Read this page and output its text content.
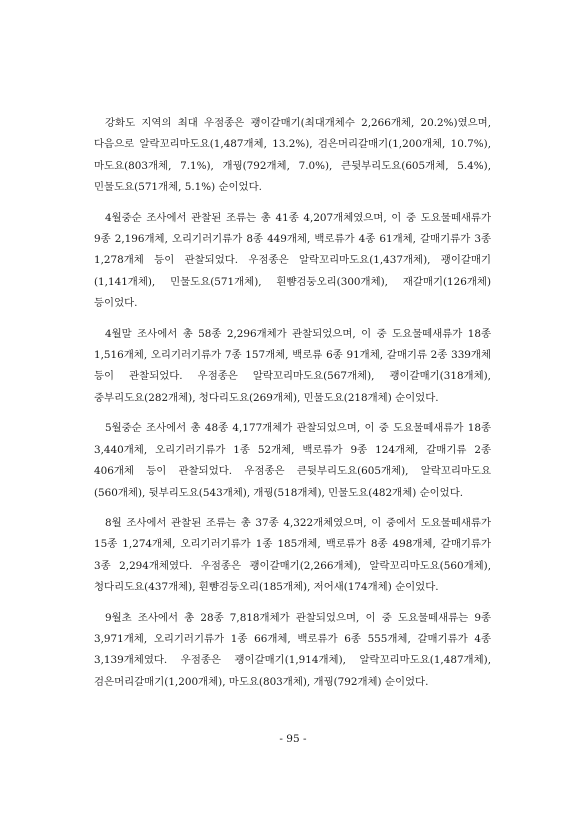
강화도 지역의 최대 우점종은 괭이갈매기(최대개체수 2,266개체, 20.2%)였으며, 다음으로 알락꼬리마도요(1,487개체, 13.2%), 검은머리갈매기(1,200개체, 10.7%), 마도요(803개체, 7.1%), 개꿩(792개체, 7.0%), 큰뒷부리도요(605개체, 5.4%), 민물도요(571개체, 5.1%) 순이었다.

4월중순 조사에서 관찰된 조류는 총 41종 4,207개체였으며, 이 중 도요물떼새류가 9종 2,196개체, 오리기러기류가 8종 449개체, 백로류가 4종 61개체, 갈매기류가 3종 1,278개체 등이 관찰되었다. 우점종은 알락꼬리마도요(1,437개체), 괭이갈매기(1,141개체), 민물도요(571개체), 흰뺨검둥오리(300개체), 재갈매기(126개체) 등이었다.

4월말 조사에서 총 58종 2,296개체가 관찰되었으며, 이 중 도요물떼새류가 18종 1,516개체, 오리기러기류가 7종 157개체, 백로류 6종 91개체, 갈매기류 2종 339개체 등이 관찰되었다. 우점종은 알락꼬리마도요(567개체), 괭이갈매기(318개체), 중부리도요(282개체), 청다리도요(269개체), 민물도요(218개체) 순이었다.

5월중순 조사에서 총 48종 4,177개체가 관찰되었으며, 이 중 도요물떼새류가 18종 3,440개체, 오리기러기류가 1종 52개체, 백로류가 9종 124개체, 갈매기류 2종 406개체 등이 관찰되었다. 우점종은 큰뒷부리도요(605개체), 알락꼬리마도요(560개체), 뒷부리도요(543개체), 개꿩(518개체), 민물도요(482개체) 순이었다.

8월 조사에서 관찰된 조류는 총 37종 4,322개체였으며, 이 중에서 도요물떼새류가 15종 1,274개체, 오리기러기류가 1종 185개체, 백로류가 8종 498개체, 갈매기류가 3종 2,294개체였다. 우점종은 괭이갈매기(2,266개체), 알락꼬리마도요(560개체), 청다리도요(437개체), 흰뺨검둥오리(185개체), 저어새(174개체) 순이었다.

9월초 조사에서 총 28종 7,818개체가 관찰되었으며, 이 중 도요물떼새류는 9종 3,971개체, 오리기러기류가 1종 66개체, 백로류가 6종 555개체, 갈매기류가 4종 3,139개체였다. 우점종은 괭이갈매기(1,914개체), 알락꼬리마도요(1,487개체), 검은머리갈매기(1,200개체), 마도요(803개체), 개꿩(792개체) 순이었다.

- 95 -
